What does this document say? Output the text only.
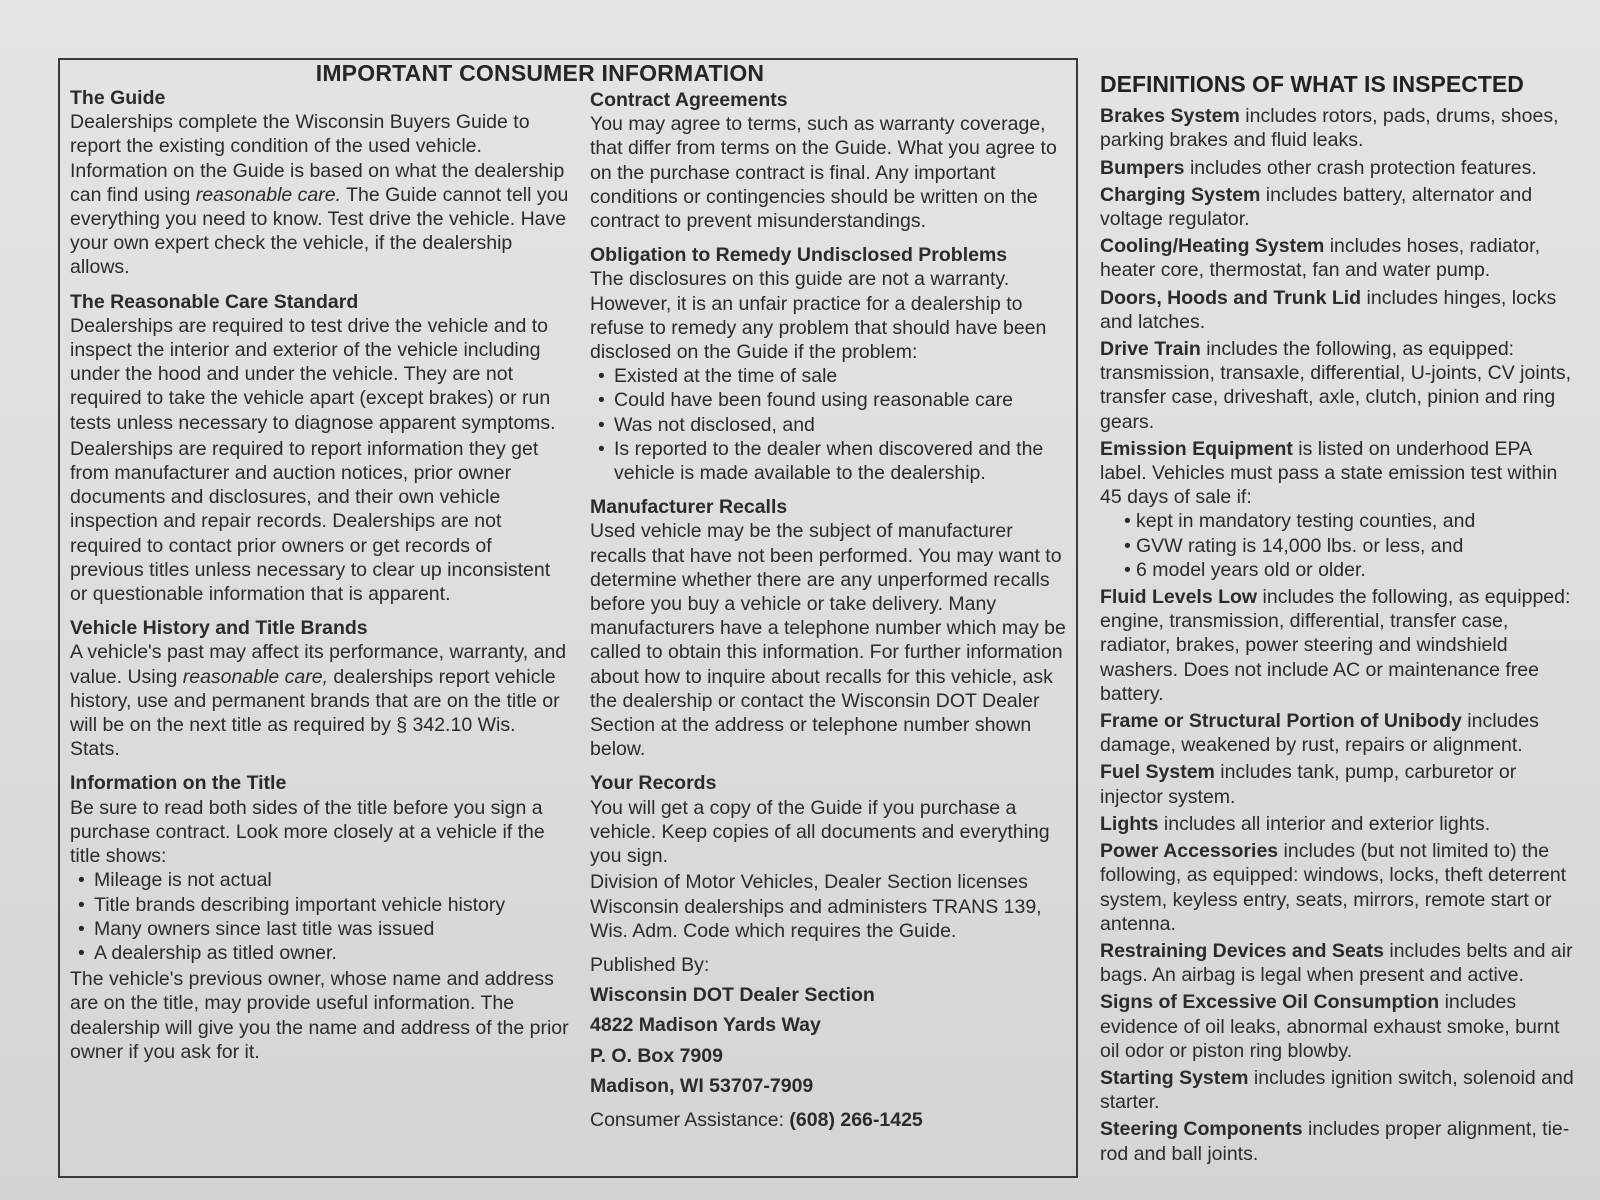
IMPORTANT CONSUMER INFORMATION
The Guide
Dealerships complete the Wisconsin Buyers Guide to report the existing condition of the used vehicle. Information on the Guide is based on what the dealership can find using reasonable care. The Guide cannot tell you everything you need to know. Test drive the vehicle. Have your own expert check the vehicle, if the dealership allows.
The Reasonable Care Standard
Dealerships are required to test drive the vehicle and to inspect the interior and exterior of the vehicle including under the hood and under the vehicle. They are not required to take the vehicle apart (except brakes) or run tests unless necessary to diagnose apparent symptoms.
Dealerships are required to report information they get from manufacturer and auction notices, prior owner documents and disclosures, and their own vehicle inspection and repair records. Dealerships are not required to contact prior owners or get records of previous titles unless necessary to clear up inconsistent or questionable information that is apparent.
Vehicle History and Title Brands
A vehicle's past may affect its performance, warranty, and value. Using reasonable care, dealerships report vehicle history, use and permanent brands that are on the title or will be on the next title as required by § 342.10 Wis. Stats.
Information on the Title
Be sure to read both sides of the title before you sign a purchase contract. Look more closely at a vehicle if the title shows:
• Mileage is not actual
• Title brands describing important vehicle history
• Many owners since last title was issued
• A dealership as titled owner.
The vehicle's previous owner, whose name and address are on the title, may provide useful information. The dealership will give you the name and address of the prior owner if you ask for it.
Contract Agreements
You may agree to terms, such as warranty coverage, that differ from terms on the Guide. What you agree to on the purchase contract is final. Any important conditions or contingencies should be written on the contract to prevent misunderstandings.
Obligation to Remedy Undisclosed Problems
The disclosures on this guide are not a warranty. However, it is an unfair practice for a dealership to refuse to remedy any problem that should have been disclosed on the Guide if the problem:
• Existed at the time of sale
• Could have been found using reasonable care
• Was not disclosed, and
• Is reported to the dealer when discovered and the vehicle is made available to the dealership.
Manufacturer Recalls
Used vehicle may be the subject of manufacturer recalls that have not been performed. You may want to determine whether there are any unperformed recalls before you buy a vehicle or take delivery. Many manufacturers have a telephone number which may be called to obtain this information. For further information about how to inquire about recalls for this vehicle, ask the dealership or contact the Wisconsin DOT Dealer Section at the address or telephone number shown below.
Your Records
You will get a copy of the Guide if you purchase a vehicle. Keep copies of all documents and everything you sign.
Division of Motor Vehicles, Dealer Section licenses Wisconsin dealerships and administers TRANS 139, Wis. Adm. Code which requires the Guide.
Published By:
Wisconsin DOT Dealer Section
4822 Madison Yards Way
P. O. Box 7909
Madison, WI 53707-7909
Consumer Assistance: (608) 266-1425
DEFINITIONS OF WHAT IS INSPECTED
Brakes System includes rotors, pads, drums, shoes, parking brakes and fluid leaks.
Bumpers includes other crash protection features.
Charging System includes battery, alternator and voltage regulator.
Cooling/Heating System includes hoses, radiator, heater core, thermostat, fan and water pump.
Doors, Hoods and Trunk Lid includes hinges, locks and latches.
Drive Train includes the following, as equipped: transmission, transaxle, differential, U-joints, CV joints, transfer case, driveshaft, axle, clutch, pinion and ring gears.
Emission Equipment is listed on underhood EPA label. Vehicles must pass a state emission test within 45 days of sale if:
• kept in mandatory testing counties, and
• GVW rating is 14,000 lbs. or less, and
• 6 model years old or older.
Fluid Levels Low includes the following, as equipped: engine, transmission, differential, transfer case, radiator, brakes, power steering and windshield washers. Does not include AC or maintenance free battery.
Frame or Structural Portion of Unibody includes damage, weakened by rust, repairs or alignment.
Fuel System includes tank, pump, carburetor or injector system.
Lights includes all interior and exterior lights.
Power Accessories includes (but not limited to) the following, as equipped: windows, locks, theft deterrent system, keyless entry, seats, mirrors, remote start or antenna.
Restraining Devices and Seats includes belts and air bags. An airbag is legal when present and active.
Signs of Excessive Oil Consumption includes evidence of oil leaks, abnormal exhaust smoke, burnt oil odor or piston ring blowby.
Starting System includes ignition switch, solenoid and starter.
Steering Components includes proper alignment, tie-rod and ball joints.
